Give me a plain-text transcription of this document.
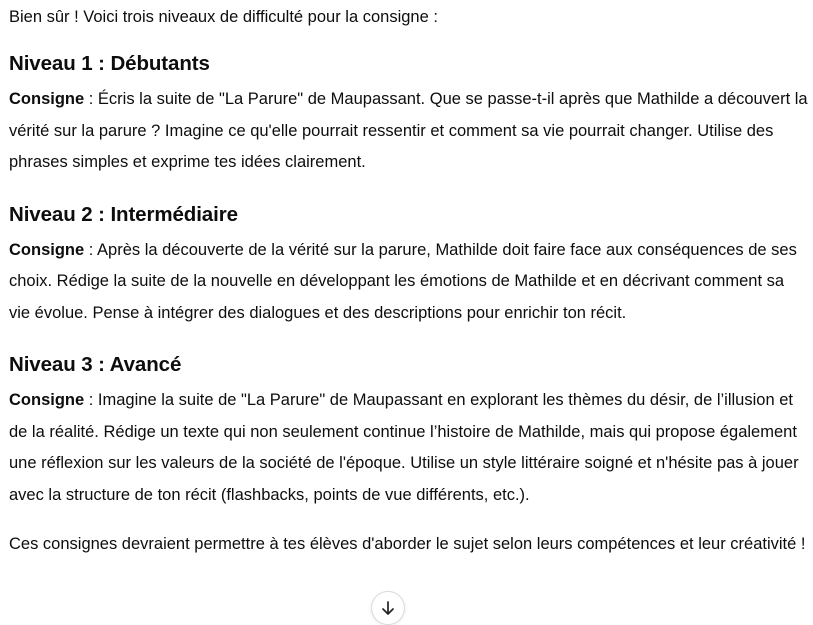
Bien sûr ! Voici trois niveaux de difficulté pour la consigne :

Niveau 1 : Débutants

Consigne : Écris la suite de "La Parure" de Maupassant. Que se passe-t-il après que Mathilde a découvert la vérité sur la parure ? Imagine ce qu'elle pourrait ressentir et comment sa vie pourrait changer. Utilise des phrases simples et exprime tes idées clairement.

Niveau 2 : Intermédiaire

Consigne : Après la découverte de la vérité sur la parure, Mathilde doit faire face aux conséquences de ses choix. Rédige la suite de la nouvelle en développant les émotions de Mathilde et en décrivant comment sa vie évolue. Pense à intégrer des dialogues et des descriptions pour enrichir ton récit.

Niveau 3 : Avancé

Consigne : Imagine la suite de "La Parure" de Maupassant en explorant les thèmes du désir, de l’illusion et de la réalité. Rédige un texte qui non seulement continue l’histoire de Mathilde, mais qui propose également une réflexion sur les valeurs de la société de l'époque. Utilise un style littéraire soigné et n'hésite pas à jouer avec la structure de ton récit (flashbacks, points de vue différents, etc.).

Ces consignes devraient permettre à tes élèves d'aborder le sujet selon leurs compétences et leur créativité !
